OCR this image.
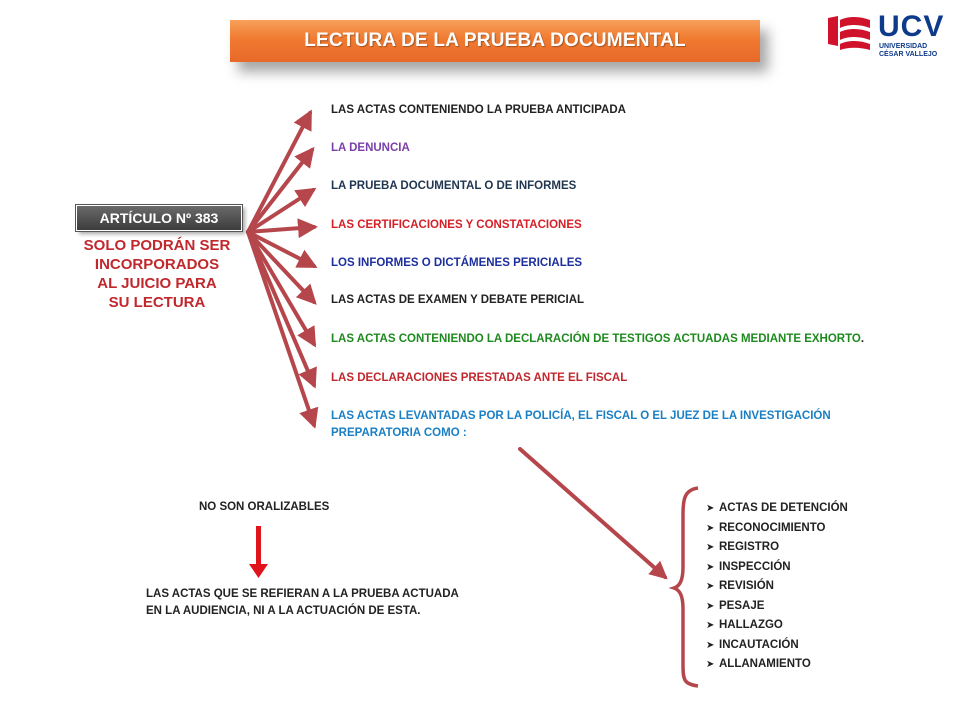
LECTURA DE LA PRUEBA DOCUMENTAL	UCV
UNIVERSIDAD
CÉSAR VALLEJO
ARTÍCULO Nº 383
SOLO PODRÁN SER
INCORPORADOS
AL JUICIO PARA
SU LECTURA
LAS ACTAS CONTENIENDO LA PRUEBA ANTICIPADA
LA DENUNCIA
LA PRUEBA DOCUMENTAL O DE INFORMES
LAS CERTIFICACIONES Y CONSTATACIONES
LOS INFORMES O DICTÁMENES PERICIALES
LAS ACTAS DE EXAMEN Y DEBATE PERICIAL
LAS ACTAS CONTENIENDO LA DECLARACIÓN DE TESTIGOS ACTUADAS MEDIANTE EXHORTO.
LAS DECLARACIONES PRESTADAS ANTE EL FISCAL
LAS ACTAS LEVANTADAS POR LA POLICÍA, EL FISCAL O EL JUEZ DE LA INVESTIGACIÓN
PREPARATORIA COMO :
NO SON ORALIZABLES
LAS ACTAS QUE SE REFIERAN A LA PRUEBA ACTUADA
EN LA AUDIENCIA, NI A LA ACTUACIÓN DE ESTA.
➤ ACTAS DE DETENCIÓN
➤ RECONOCIMIENTO
➤ REGISTRO
➤ INSPECCIÓN
➤ REVISIÓN
➤ PESAJE
➤ HALLAZGO
➤ INCAUTACIÓN
➤ ALLANAMIENTO
